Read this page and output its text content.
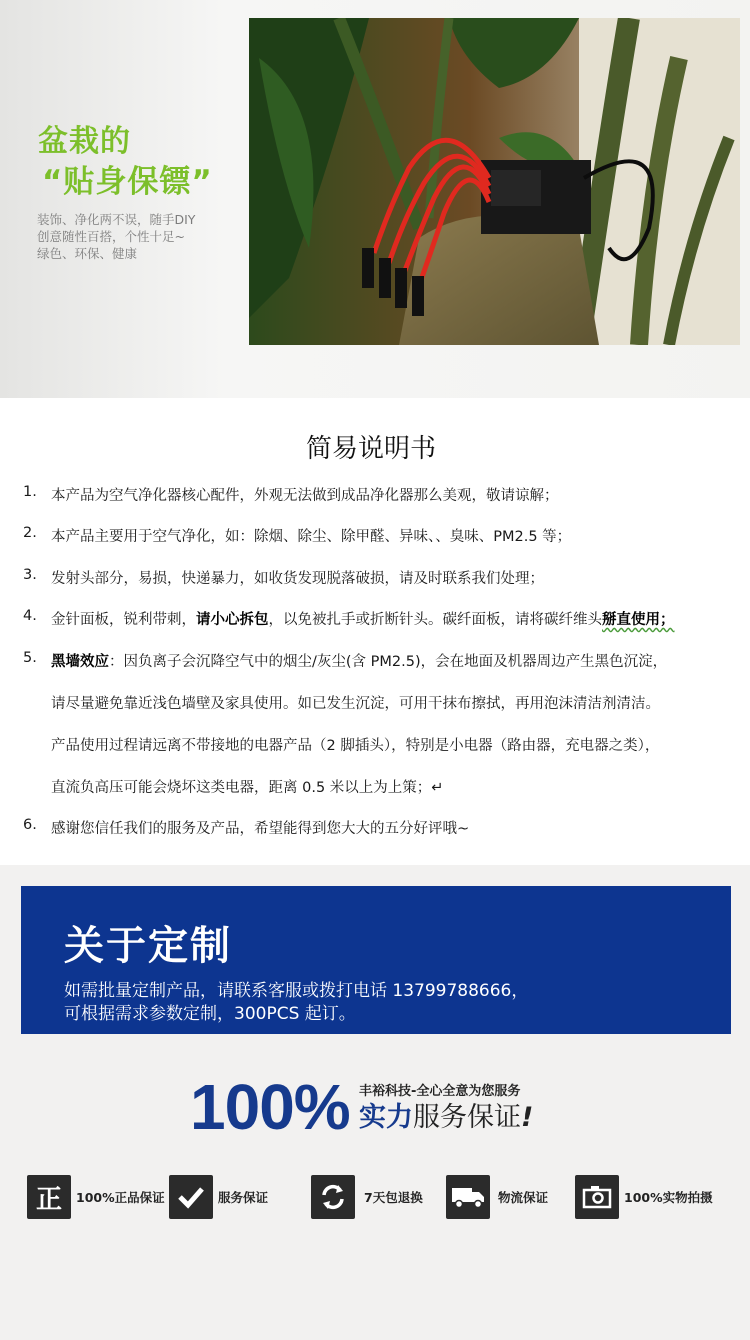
盆栽的
“贴身保镖”
装饰、净化两不误，随手DIY
创意随性百搭，个性十足~
绿色、环保、健康
简易说明书
1. 本产品为空气净化器核心配件，外观无法做到成品净化器那么美观，敬请谅解；
2. 本产品主要用于空气净化，如：除烟、除尘、除甲醛、异味、、臭味、PM2.5 等；
3. 发射头部分，易损，快递暴力，如收货发现脱落破损，请及时联系我们处理；
4. 金针面板，锐利带刺，请小心拆包，以免被扎手或折断针头。碳纤面板，请将碳纤维头掰直使用；
5. 黑墙效应：因负离子会沉降空气中的烟尘/灰尘(含 PM2.5)，会在地面及机器周边产生黑色沉淀，
请尽量避免靠近浅色墙壁及家具使用。如已发生沉淀，可用干抹布擦拭，再用泡沫清洁剂清洁。
产品使用过程请远离不带接地的电器产品（2 脚插头），特别是小电器（路由器，充电器之类），
直流负高压可能会烧坏这类电器，距离 0.5 米以上为上策；↵
6. 感谢您信任我们的服务及产品，希望能得到您大大的五分好评哦~
关于定制
如需批量定制产品，请联系客服或拨打电话 13799788666，
可根据需求参数定制，300PCS 起订。
100% 丰裕科技-全心全意为您服务
实力服务保证!
正 100%正品保证	服务保证	7天包退换	物流保证	100%实物拍摄
